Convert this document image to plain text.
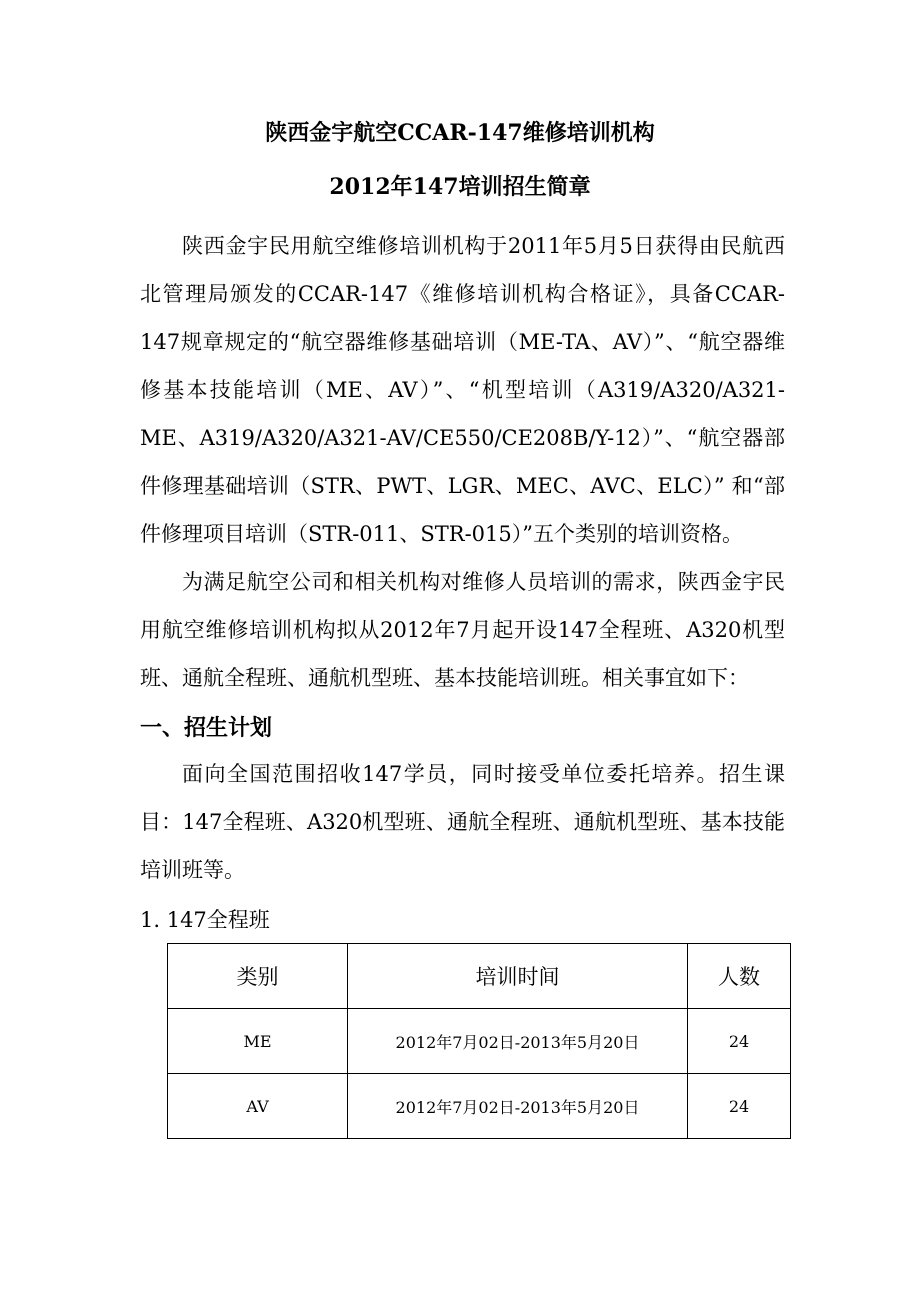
陕西金宇航空CCAR-147维修培训机构
2012年147培训招生简章

陕西金宇民用航空维修培训机构于2011年5月5日获得由民航西北管理局颁发的CCAR-147《维修培训机构合格证》，具备CCAR-147规章规定的“航空器维修基础培训（ME-TA、AV）”、“航空器维修基本技能培训（ME、AV）”、“机型培训（A319/A320/A321-ME、A319/A320/A321-AV/CE550/CE208B/Y-12）”、“航空器部件修理基础培训（STR、PWT、LGR、MEC、AVC、ELC）” 和“部件修理项目培训（STR-011、STR-015）”五个类别的培训资格。

为满足航空公司和相关机构对维修人员培训的需求，陕西金宇民用航空维修培训机构拟从2012年7月起开设147全程班、A320机型班、通航全程班、通航机型班、基本技能培训班。相关事宜如下：

一、招生计划

面向全国范围招收147学员，同时接受单位委托培养。招生课目：147全程班、A320机型班、通航全程班、通航机型班、基本技能培训班等。

1. 147全程班
类别	培训时间	人数
ME	2012年7月02日-2013年5月20日	24
AV	2012年7月02日-2013年5月20日	24
